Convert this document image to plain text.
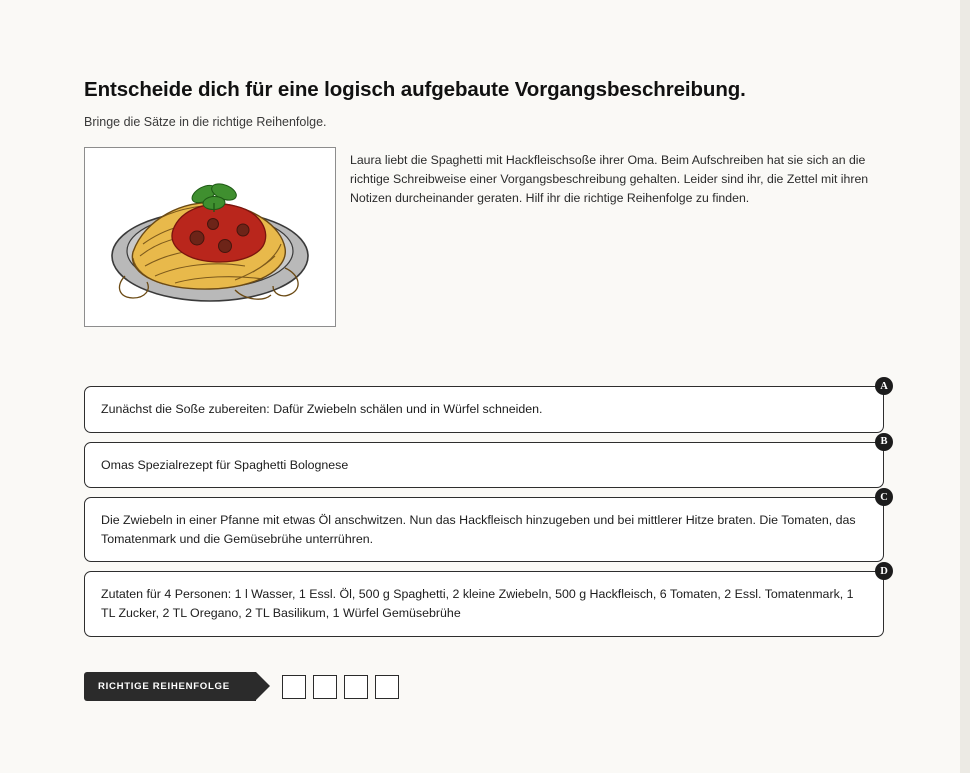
Entscheide dich für eine logisch aufgebaute Vorgangsbeschreibung.

Bringe die Sätze in die richtige Reihenfolge.

Laura liebt die Spaghetti mit Hackfleischsoße ihrer Oma. Beim Aufschreiben hat sie sich an die richtige Schreibweise einer Vorgangsbeschreibung gehalten. Leider sind ihr, die Zettel mit ihren Notizen durcheinander geraten. Hilf ihr die richtige Reihenfolge zu finden.
A
Zunächst die Soße zubereiten: Dafür Zwiebeln schälen und in Würfel schneiden.
B
Omas Spezialrezept für Spaghetti Bolognese
C
Die Zwiebeln in einer Pfanne mit etwas Öl anschwitzen. Nun das Hackfleisch hinzugeben und bei mittlerer Hitze braten. Die Tomaten, das Tomatenmark und die Gemüsebrühe unterrühren.
D
Zutaten für 4 Personen: 1 l Wasser, 1 Essl. Öl, 500 g Spaghetti, 2 kleine Zwiebeln, 500 g Hackfleisch, 6 Tomaten, 2 Essl. Tomatenmark, 1 TL Zucker, 2 TL Oregano, 2 TL Basilikum, 1 Würfel Gemüsebrühe
RICHTIGE REIHENFOLGE
